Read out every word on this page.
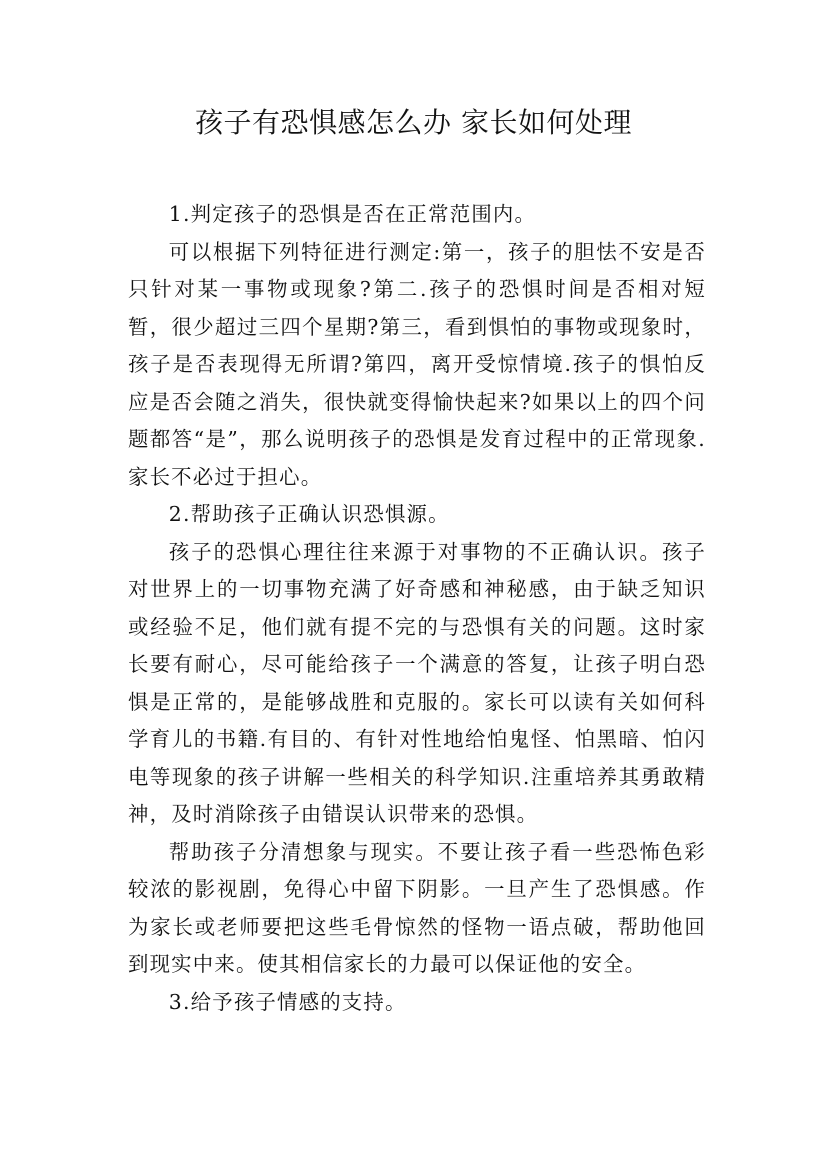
孩子有恐惧感怎么办 家长如何处理

1.判定孩子的恐惧是否在正常范围内。

可以根据下列特征进行测定:第一，孩子的胆怯不安是否只针对某一事物或现象?第二.孩子的恐惧时间是否相对短暂，很少超过三四个星期?第三，看到惧怕的事物或现象时，孩子是否表现得无所谓?第四，离开受惊情境.孩子的惧怕反应是否会随之消失，很快就变得愉快起来?如果以上的四个问题都答“是”，那么说明孩子的恐惧是发育过程中的正常现象.家长不必过于担心。

2.帮助孩子正确认识恐惧源。

孩子的恐惧心理往往来源于对事物的不正确认识。孩子对世界上的一切事物充满了好奇感和神秘感，由于缺乏知识或经验不足，他们就有提不完的与恐惧有关的问题。这时家长要有耐心，尽可能给孩子一个满意的答复，让孩子明白恐惧是正常的，是能够战胜和克服的。家长可以读有关如何科学育儿的书籍.有目的、有针对性地给怕鬼怪、怕黑暗、怕闪电等现象的孩子讲解一些相关的科学知识.注重培养其勇敢精神，及时消除孩子由错误认识带来的恐惧。

帮助孩子分清想象与现实。不要让孩子看一些恐怖色彩较浓的影视剧，免得心中留下阴影。一旦产生了恐惧感。作为家长或老师要把这些毛骨惊然的怪物一语点破，帮助他回到现实中来。使其相信家长的力最可以保证他的安全。

3.给予孩子情感的支持。
